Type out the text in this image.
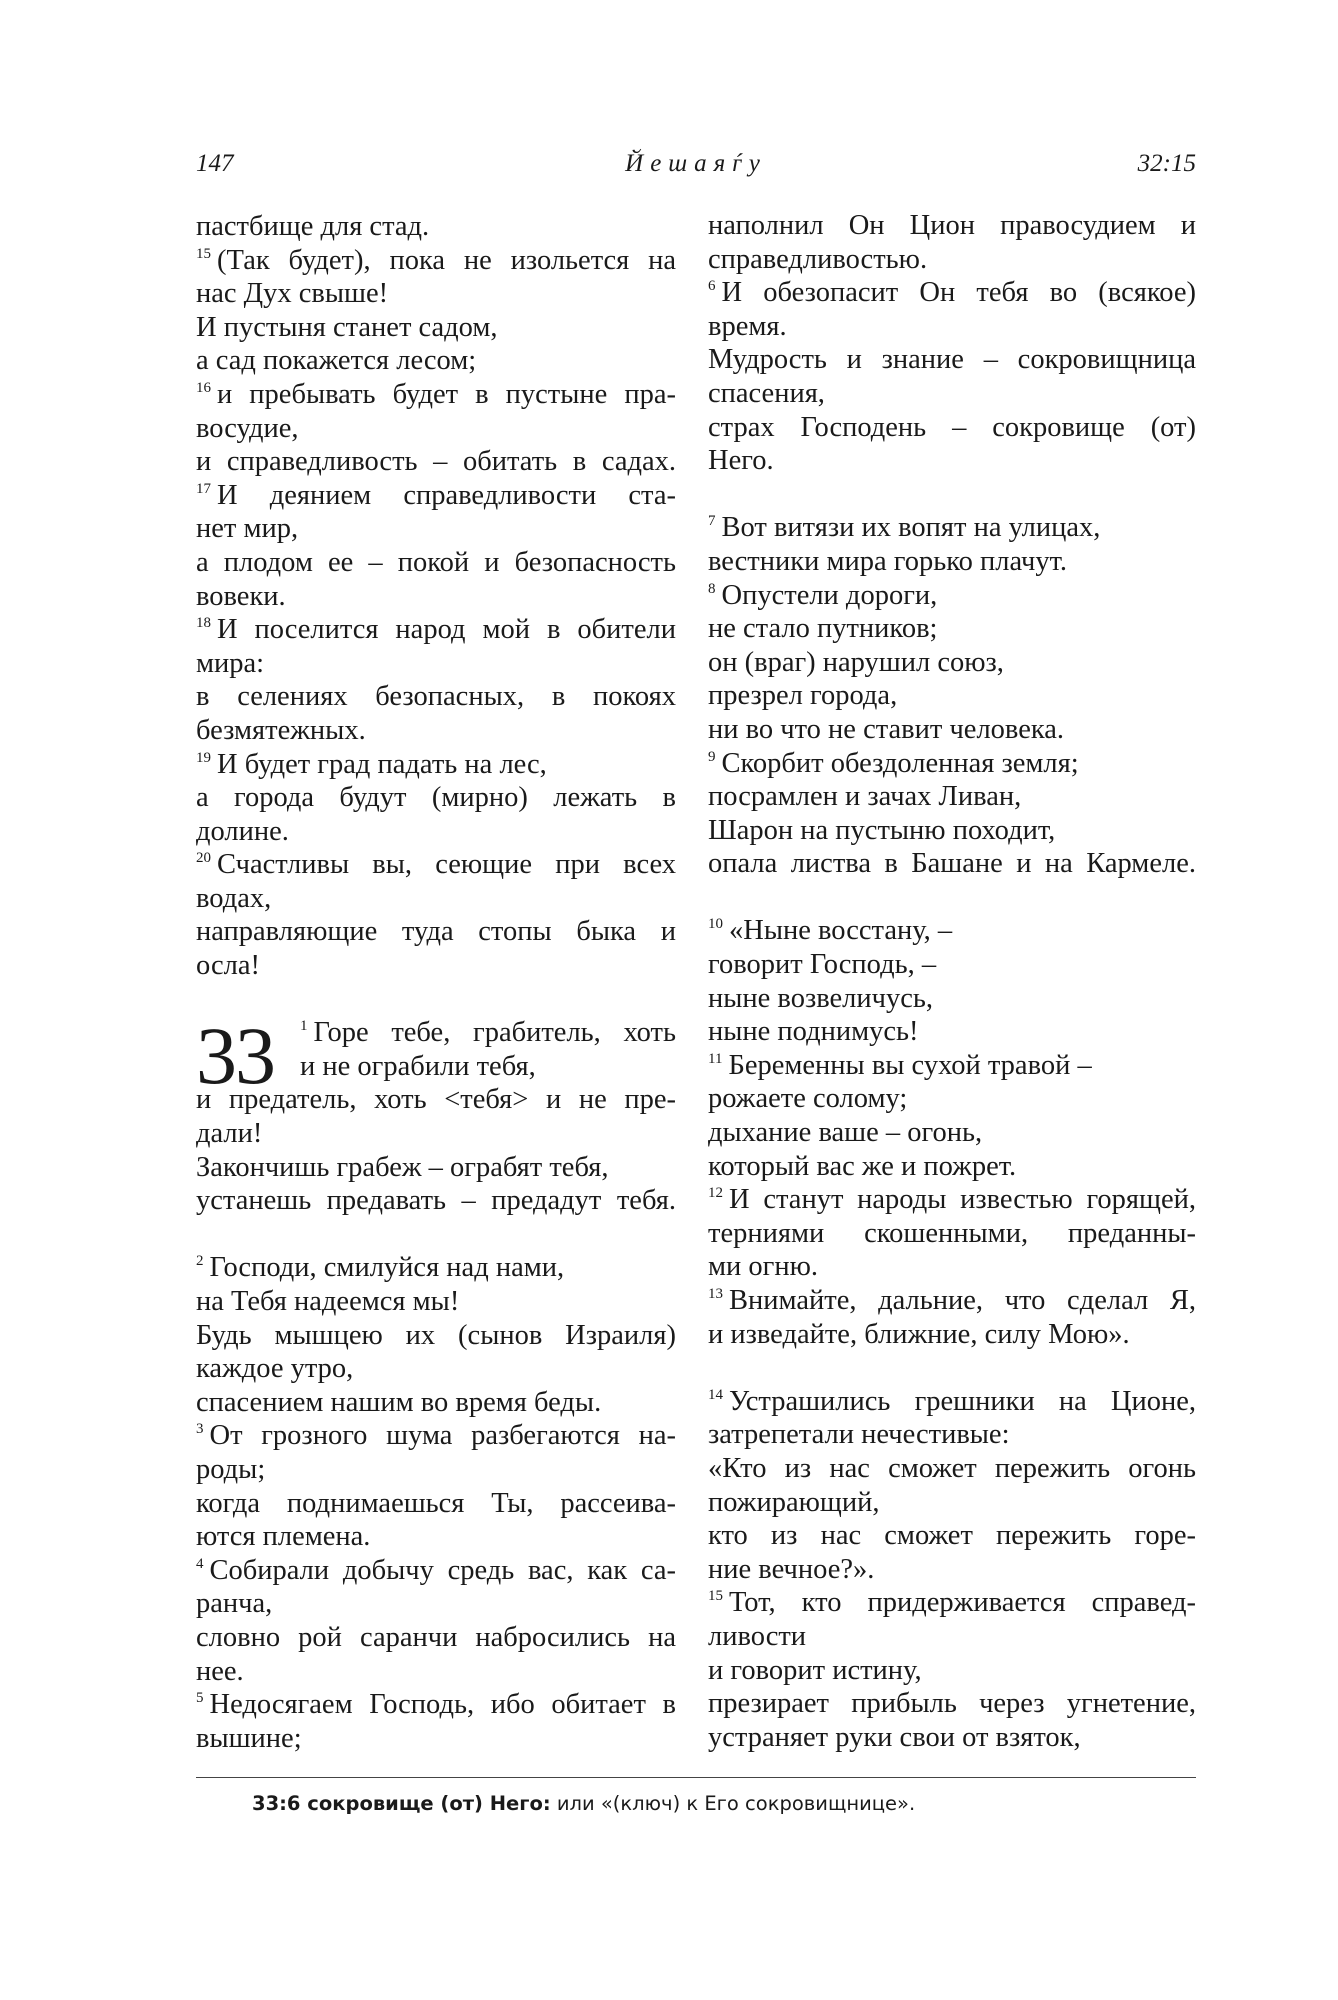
147	Йешаяѓу	32:15
пастбище для стад.
$^{15}$ (Так будет), пока не изольется на
нас Дух свыше!
И пустыня станет садом,
а сад покажется лесом;
$^{16}$ и пребывать будет в пустыне пра-
восудие,
и справедливость – обитать в садах.
$^{17}$ И деянием справедливости ста-
нет мир,
а плодом ее – покой и безопасность
вовеки.
$^{18}$ И поселится народ мой в обители
мира:
в селениях безопасных, в покоях
безмятежных.
$^{19}$ И будет град падать на лес,
а города будут (мирно) лежать в
долине.
$^{20}$ Счастливы вы, сеющие при всех
водах,
направляющие туда стопы быка и
осла!
33 $^1$ Горе тебе, грабитель, хоть
и не ограбили тебя,
и предатель, хоть <тебя> и не пре-
дали!
Закончишь грабеж – ограбят тебя,
устанешь предавать – предадут тебя.
$^2$ Господи, смилуйся над нами,
на Тебя надеемся мы!
Будь мышцею их (сынов Израиля)
каждое утро,
спасением нашим во время беды.
$^3$ От грозного шума разбегаются на-
роды;
когда поднимаешься Ты, рассеива-
ются племена.
$^4$ Собирали добычу средь вас, как са-
ранча,
словно рой саранчи набросились на
нее.
$^5$ Недосягаем Господь, ибо обитает в
вышине;
наполнил Он Цион правосудием и
справедливостью.
$^6$ И обезопасит Он тебя во (всякое)
время.
Мудрость и знание – сокровищница
спасения,
страх Господень – сокровище (от)
Него.
$^7$ Вот витязи их вопят на улицах,
вестники мира горько плачут.
$^8$ Опустели дороги,
не стало путников;
он (враг) нарушил союз,
презрел города,
ни во что не ставит человека.
$^9$ Скорбит обездоленная земля;
посрамлен и зачах Ливан,
Шарон на пустыню походит,
опала листва в Башане и на Кармеле.
$^{10}$ «Ныне восстану, –
говорит Господь, –
ныне возвеличусь,
ныне поднимусь!
$^{11}$ Беременны вы сухой травой –
рожаете солому;
дыхание ваше – огонь,
который вас же и пожрет.
$^{12}$ И станут народы известью горящей,
терниями скошенными, преданны-
ми огню.
$^{13}$ Внимайте, дальние, что сделал Я,
и изведайте, ближние, силу Мою».
$^{14}$ Устрашились грешники на Ционе,
затрепетали нечестивые:
«Кто из нас сможет пережить огонь
пожирающий,
кто из нас сможет пережить горе-
ние вечное?».
$^{15}$ Тот, кто придерживается справед-
ливости
и говорит истину,
презирает прибыль через угнетение,
устраняет руки свои от взяток,
33:6 сокровище (от) Него: или «(ключ) к Его сокровищнице».
